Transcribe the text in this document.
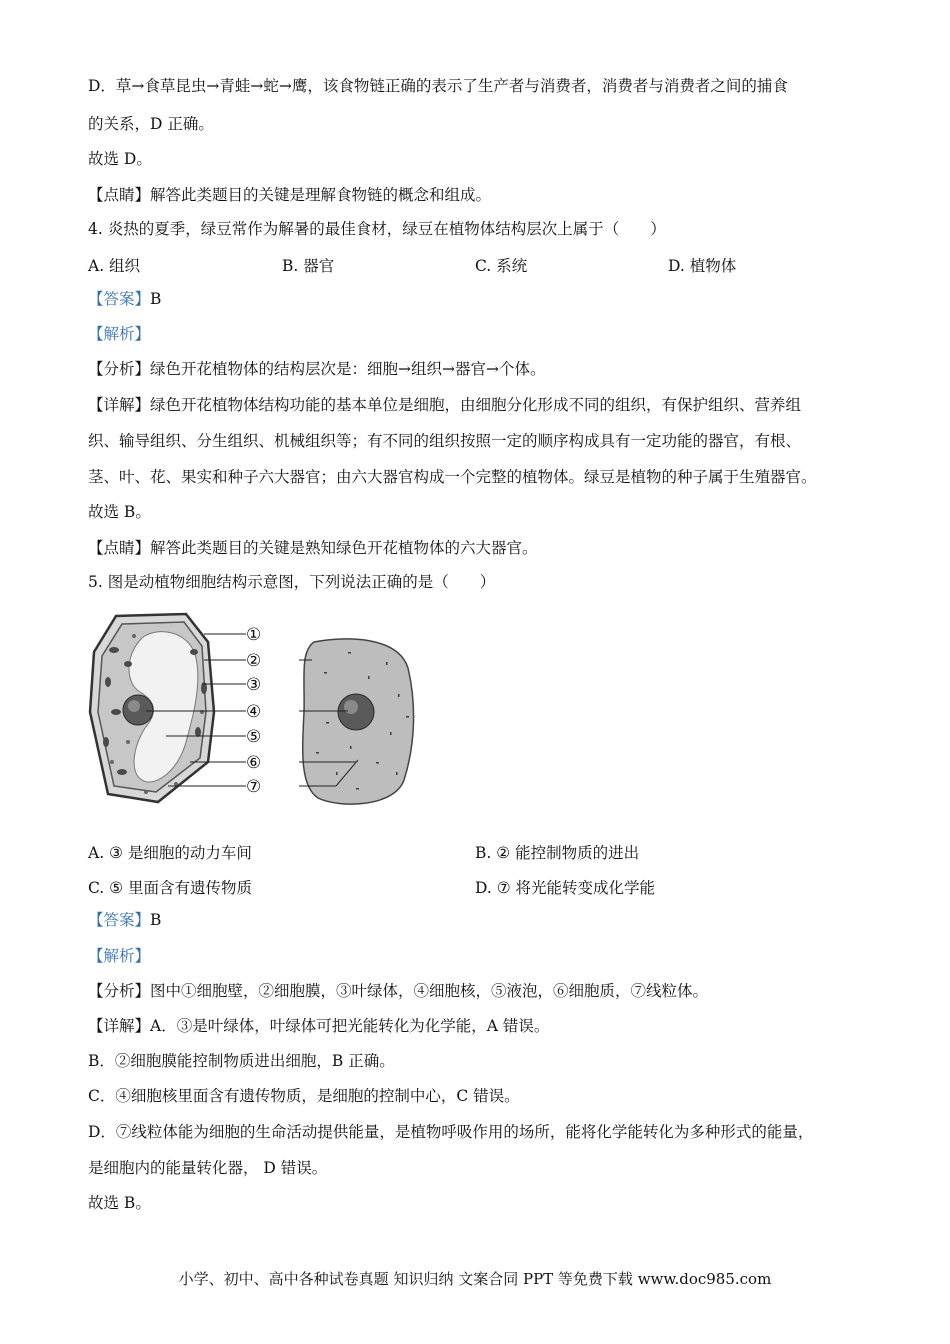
D．草→食草昆虫→青蛙→蛇→鹰，该食物链正确的表示了生产者与消费者，消费者与消费者之间的捕食
的关系，D 正确。
故选 D。
【点睛】解答此类题目的关键是理解食物链的概念和组成。
4. 炎热的夏季，绿豆常作为解暑的最佳食材，绿豆在植物体结构层次上属于（　　）
A. 组织	B. 器官	C. 系统	D. 植物体
【答案】B
【解析】
【分析】绿色开花植物体的结构层次是：细胞→组织→器官→个体。
【详解】绿色开花植物体结构功能的基本单位是细胞，由细胞分化形成不同的组织，有保护组织、营养组
织、输导组织、分生组织、机械组织等；有不同的组织按照一定的顺序构成具有一定功能的器官，有根、
茎、叶、花、果实和种子六大器官；由六大器官构成一个完整的植物体。绿豆是植物的种子属于生殖器官。
故选 B。
【点睛】解答此类题目的关键是熟知绿色开花植物体的六大器官。
5. 图是动植物细胞结构示意图，下列说法正确的是（　　）
①
②
③
④
⑤
⑥
⑦
A. ③ 是细胞的动力车间	B. ② 能控制物质的进出
C. ⑤ 里面含有遗传物质	D. ⑦ 将光能转变成化学能
【答案】B
【解析】
【分析】图中①细胞壁，②细胞膜，③叶绿体，④细胞核，⑤液泡，⑥细胞质，⑦线粒体。
【详解】A．③是叶绿体，叶绿体可把光能转化为化学能，A 错误。
B．②细胞膜能控制物质进出细胞，B 正确。
C．④细胞核里面含有遗传物质，是细胞的控制中心，C 错误。
D．⑦线粒体能为细胞的生命活动提供能量，是植物呼吸作用的场所，能将化学能转化为多种形式的能量，
是细胞内的能量转化器， D 错误。
故选 B。
小学、初中、高中各种试卷真题 知识归纳 文案合同 PPT 等免费下载 www.doc985.com
